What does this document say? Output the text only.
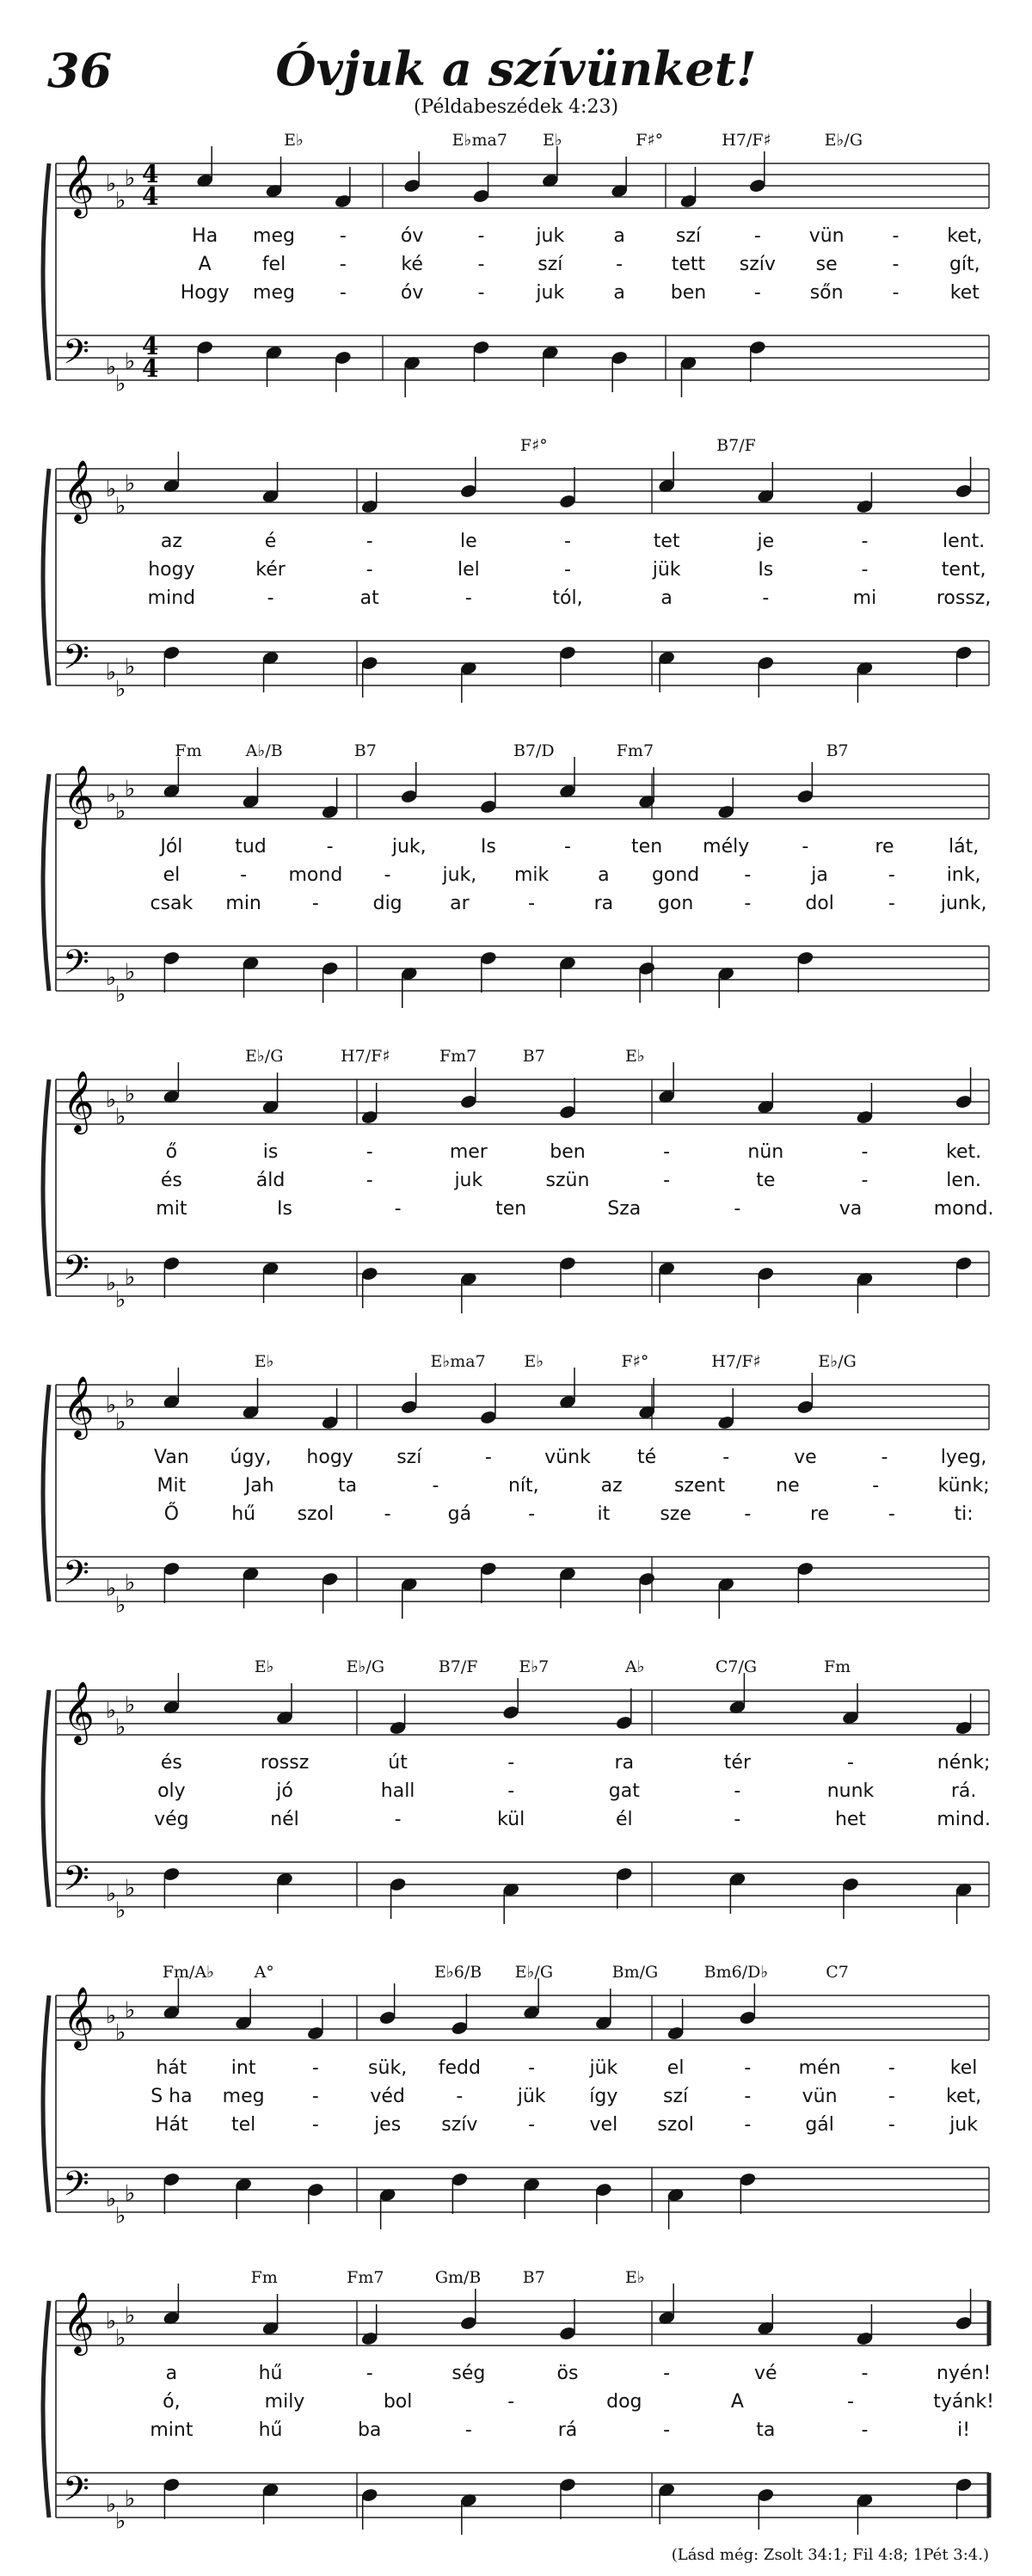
36	Óvjuk a szívünket!
(Példabeszédek 4:23)
𝄞
𝄢
♭
♭
♭
♭
♭
♭
4
4
4
4
E♭	E♭ma7 E♭	F♯°	H7/F♯	E♭/G
Ha meg -	óv	-	juk	a	szí	-	vün	-	ket,
A	fel	-	ké	-	szí	-	tett szív se	-	gít,
Hogy meg -	óv	-	juk	a ben	-	sőn	-	ket
𝄞
𝄢
♭
♭
♭
♭
♭
♭
F♯°	B7/F
az	é	-	le	-	tet	je	-	lent.
hogy	kér	-	lel	-	jük	Is	-	tent,
mind	-	at	-	tól,	a	-	mi	rossz,
𝄞
𝄢
♭
♭
♭
♭
♭
♭
Fm	A♭/B	B7	B7/D	Fm7	B7
Jól	tud	-	juk,	Is	-	ten mély	-	re	lát,
el	- mond -	juk, mik	a gond -	ja	-	ink,
csak min	-	dig	ar	-	ra gon	-	dol	- junk,
𝄞
𝄢
♭
♭
♭
♭
♭
♭
E♭/G	H7/F♯	Fm7	B7	E♭
ő	is	-	mer	ben	-	nün	-	ket.
és	áld	-	juk	szün	-	te	-	len.
mit	Is	-	ten	Sza	-	va	mond.
𝄞
𝄢
♭
♭
♭
♭
♭
♭
E♭	E♭ma7 E♭	F♯°	H7/F♯	E♭/G
Van úgy, hogy szí	-	vünk té	-	ve	-	lyeg,
Mit	Jah	ta	-	nít,	az	szent	ne	-	künk;
Ő	hű szol	-	gá	-	it	sze	-	re	-	ti:
𝄞
𝄢
♭
♭
♭
♭
♭
♭
E♭	E♭/G	B7/F	E♭7	A♭	C7/G	Fm
és	rossz	út	-	ra	tér	-	nénk;
oly	jó	hall	-	gat	-	nunk	rá.
vég	nél	-	kül	él	-	het	mind.
𝄞
𝄢
♭
♭
♭
♭
♭
♭
Fm/A♭ A°	E♭6/B E♭/G	Bm/G	Bm6/D♭	C7
hát int	-	sük, fedd	-	jük	el	-	mén	-	kel
S ha meg	-	véd	-	jük így szí	-	vün	-	ket,
Hát tel	-	jes szív	-	vel szol	-	gál	-	juk
𝄞
𝄢
♭
♭
♭
♭
♭
♭
Fm	Fm7	Gm/B	B7	E♭
a	hű	-	ség	ös	-	vé	-	nyén!
ó,	mily	bol	-	dog	A	-	tyánk!
mint	hű	ba	-	rá	-	ta	-	i!
(Lásd még: Zsolt 34:1; Fil 4:8; 1Pét 3:4.)
